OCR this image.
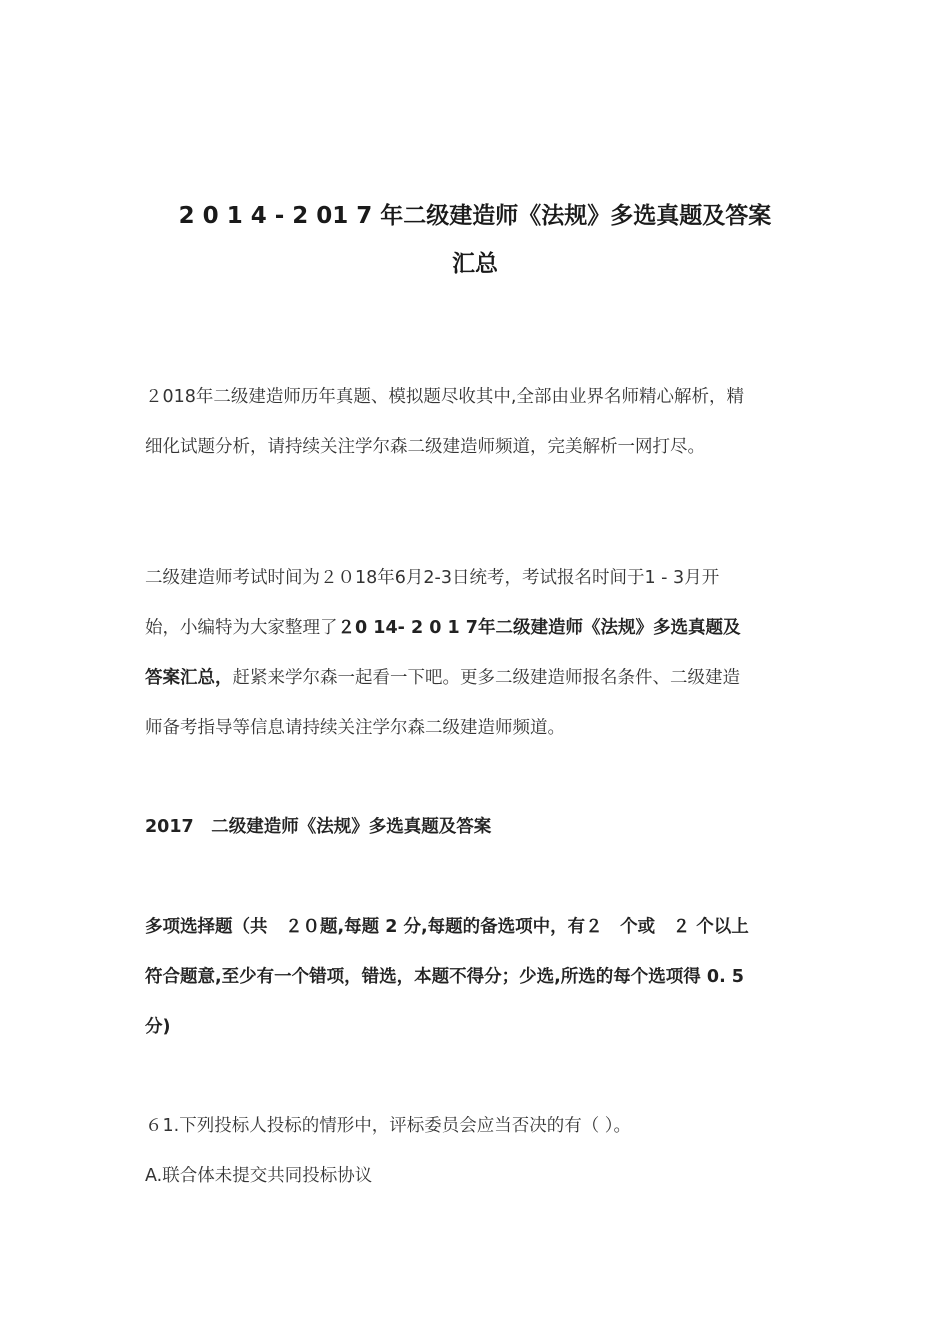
2 0 1 4 - 2 01 7 年二级建造师《法规》多选真题及答案
汇总
２018年二级建造师历年真题、模拟题尽收其中,全部由业界名师精心解析，精
细化试题分析，请持续关注学尔森二级建造师频道，完美解析一网打尽。
二级建造师考试时间为２０18年6月2-3日统考，考试报名时间于1 - 3月开
始，小编特为大家整理了２0 14- 2 0 1 7年二级建造师《法规》多选真题及
答案汇总，赶紧来学尔森一起看一下吧。更多二级建造师报名条件、二级建造
师备考指导等信息请持续关注学尔森二级建造师频道。
2017　二级建造师《法规》多选真题及答案
多项选择题（共　２０题,每题 2 分,每题的备选项中，有２　个或　２ 个以上
符合题意,至少有一个错项，错选，本题不得分；少选,所选的每个选项得 0. 5
分)
６1.下列投标人投标的情形中，评标委员会应当否决的有（ ）。
A.联合体未提交共同投标协议
